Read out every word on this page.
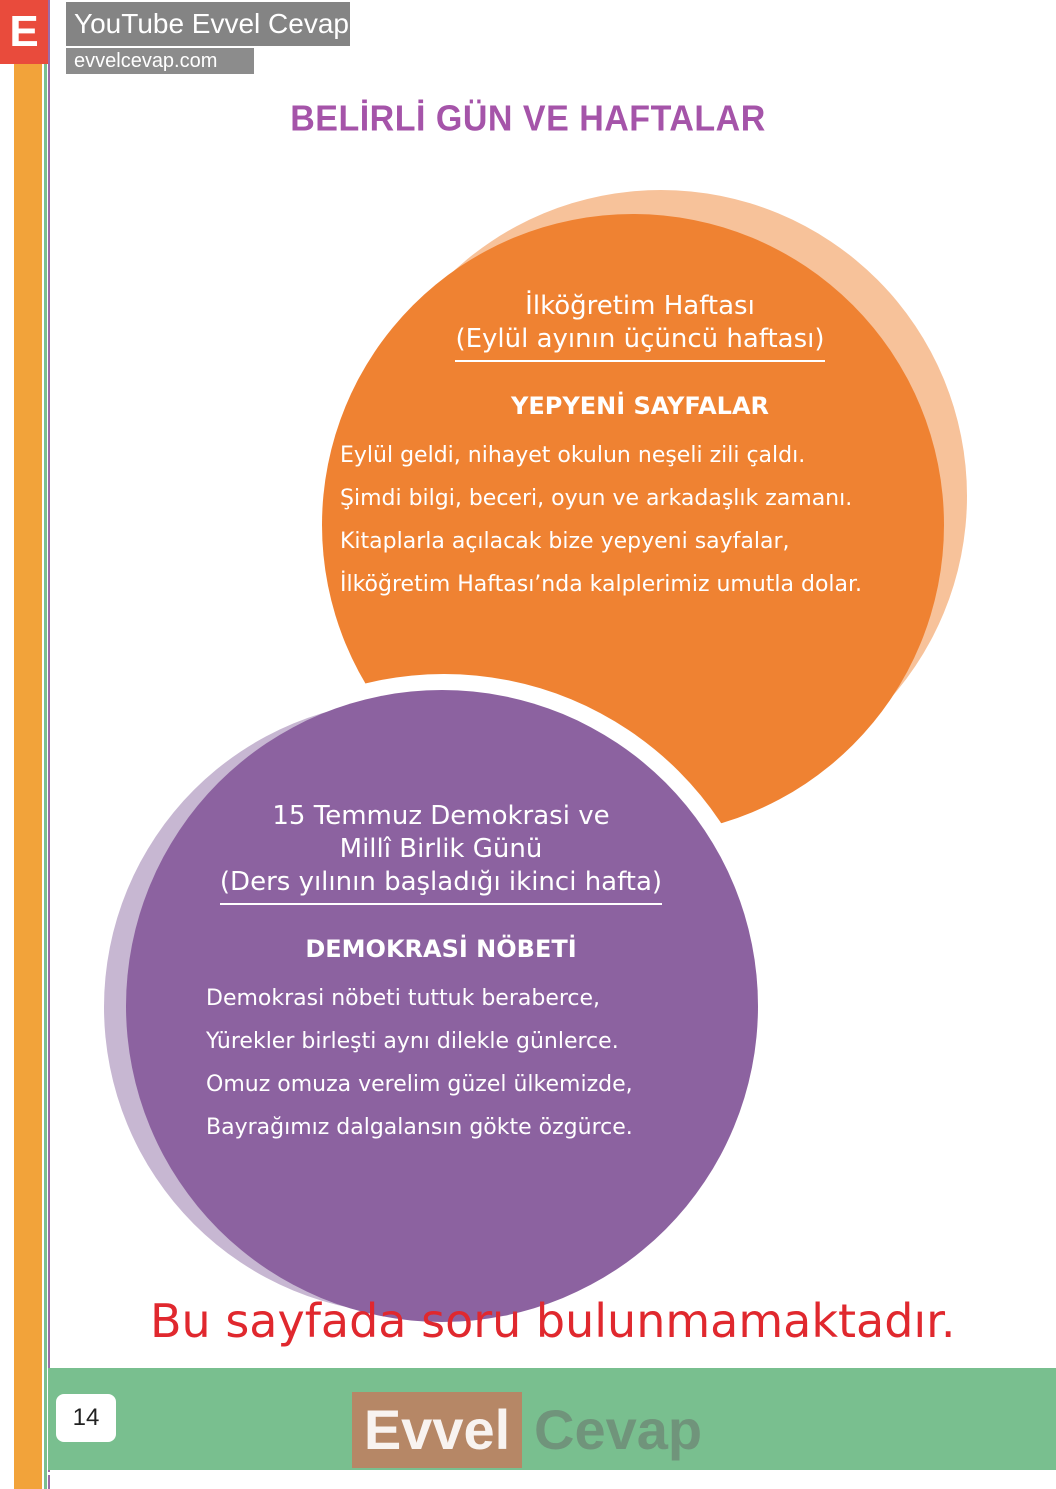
E	YouTube Evvel Cevap
evvelcevap.com
BELİRLİ GÜN VE HAFTALAR
İlköğretim Haftası
(Eylül ayının üçüncü haftası)
YEPYENİ SAYFALAR
Eylül geldi, nihayet okulun neşeli zili çaldı.
Şimdi bilgi, beceri, oyun ve arkadaşlık zamanı.
Kitaplarla açılacak bize yepyeni sayfalar,
İlköğretim Haftası’nda kalplerimiz umutla dolar.
15 Temmuz Demokrasi ve
Millî Birlik Günü
(Ders yılının başladığı ikinci hafta)
DEMOKRASİ NÖBETİ
Demokrasi nöbeti tuttuk beraberce,
Yürekler birleşti aynı dilekle günlerce.
Omuz omuza verelim güzel ülkemizde,
Bayrağımız dalgalansın gökte özgürce.
Bu sayfada soru bulunmamaktadır.
14	Evvel Cevap
